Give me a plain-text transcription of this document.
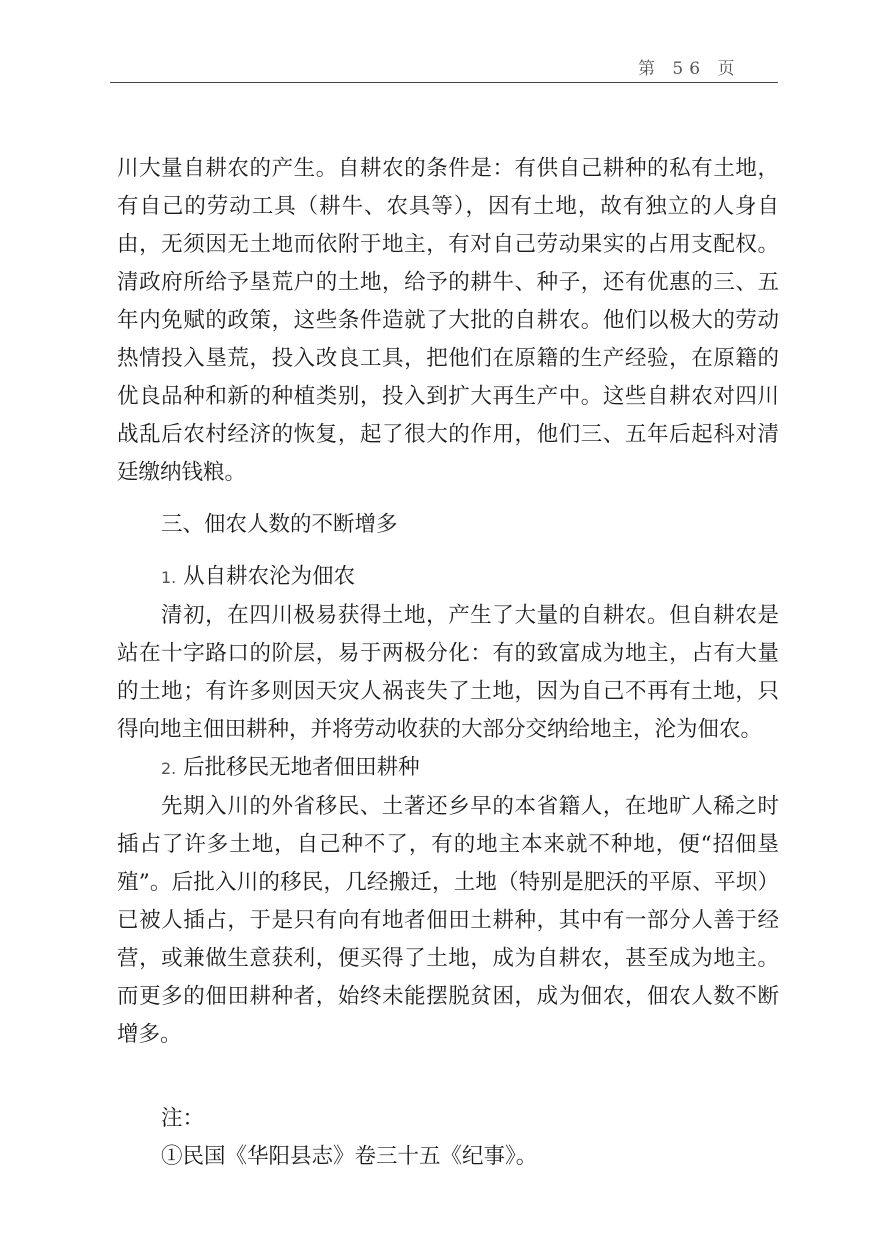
第 56 页

川大量自耕农的产生。自耕农的条件是：有供自己耕种的私有土地，有自己的劳动工具（耕牛、农具等），因有土地，故有独立的人身自由，无须因无土地而依附于地主，有对自己劳动果实的占用支配权。清政府所给予垦荒户的土地，给予的耕牛、种子，还有优惠的三、五年内免赋的政策，这些条件造就了大批的自耕农。他们以极大的劳动热情投入垦荒，投入改良工具，把他们在原籍的生产经验，在原籍的优良品种和新的种植类别，投入到扩大再生产中。这些自耕农对四川战乱后农村经济的恢复，起了很大的作用，他们三、五年后起科对清廷缴纳钱粮。

三、佃农人数的不断增多

1. 从自耕农沦为佃农

清初，在四川极易获得土地，产生了大量的自耕农。但自耕农是站在十字路口的阶层，易于两极分化：有的致富成为地主，占有大量的土地；有许多则因天灾人祸丧失了土地，因为自己不再有土地，只得向地主佃田耕种，并将劳动收获的大部分交纳给地主，沦为佃农。

2. 后批移民无地者佃田耕种

先期入川的外省移民、土著还乡早的本省籍人，在地旷人稀之时插占了许多土地，自己种不了，有的地主本来就不种地，便“招佃垦殖”。后批入川的移民，几经搬迁，土地（特别是肥沃的平原、平坝）已被人插占，于是只有向有地者佃田土耕种，其中有一部分人善于经营，或兼做生意获利，便买得了土地，成为自耕农，甚至成为地主。而更多的佃田耕种者，始终未能摆脱贫困，成为佃农，佃农人数不断增多。

注：

①民国《华阳县志》卷三十五《纪事》。
